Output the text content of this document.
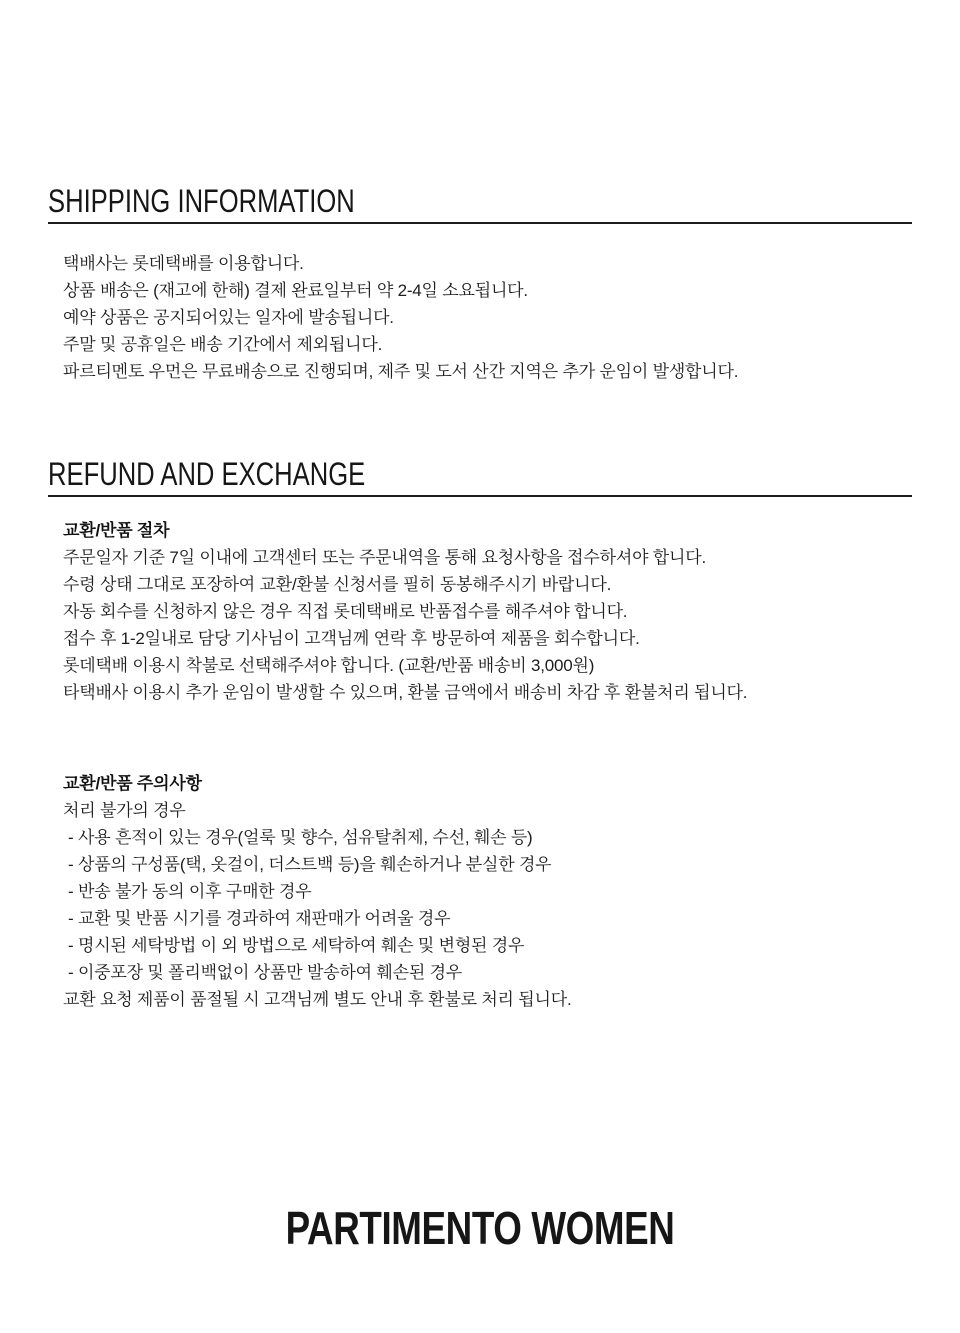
SHIPPING INFORMATION
택배사는 롯데택배를 이용합니다.
상품 배송은 (재고에 한해) 결제 완료일부터 약 2-4일 소요됩니다.
예약 상품은 공지되어있는 일자에 발송됩니다.
주말 및 공휴일은 배송 기간에서 제외됩니다.
파르티멘토 우먼은 무료배송으로 진행되며, 제주 및 도서 산간 지역은 추가 운임이 발생합니다.
REFUND AND EXCHANGE
교환/반품 절차
주문일자 기준 7일 이내에 고객센터 또는 주문내역을 통해 요청사항을 접수하셔야 합니다.
수령 상태 그대로 포장하여 교환/환불 신청서를 필히 동봉해주시기 바랍니다.
자동 회수를 신청하지 않은 경우 직접 롯데택배로 반품접수를 해주셔야 합니다.
접수 후 1-2일내로 담당 기사님이 고객님께 연락 후 방문하여 제품을 회수합니다.
롯데택배 이용시 착불로 선택해주셔야 합니다. (교환/반품 배송비 3,000원)
타택배사 이용시 추가 운임이 발생할 수 있으며, 환불 금액에서 배송비 차감 후 환불처리 됩니다.
교환/반품 주의사항
처리 불가의 경우
- 사용 흔적이 있는 경우(얼룩 및 향수, 섬유탈취제, 수선, 훼손 등)
- 상품의 구성품(택, 옷걸이, 더스트백 등)을 훼손하거나 분실한 경우
- 반송 불가 동의 이후 구매한 경우
- 교환 및 반품 시기를 경과하여 재판매가 어려울 경우
- 명시된 세탁방법 이 외 방법으로 세탁하여 훼손 및 변형된 경우
- 이중포장 및 폴리백없이 상품만 발송하여 훼손된 경우
교환 요청 제품이 품절될 시 고객님께 별도 안내 후 환불로 처리 됩니다.
PARTIMENTO WOMEN
